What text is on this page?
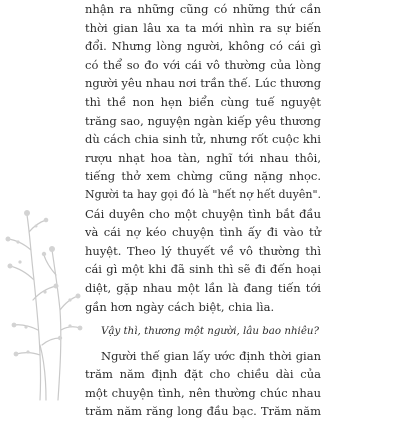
nhận ra những cũng có những thứ cần
thời gian lâu xa ta mới nhìn ra sự biến
đổi. Nhưng lòng người, không có cái gì
có thể so đo với cái vô thường của lòng
người yêu nhau nơi trần thế. Lúc thương
thì thề non hẹn biển cùng tuế nguyệt
trăng sao, nguyện ngàn kiếp yêu thương
dù cách chia sinh tử, nhưng rốt cuộc khi
rượu nhạt hoa tàn, nghĩ tới nhau thôi,
tiếng thở xem chừng cũng nặng nhọc.
Người ta hay gọi đó là "hết nợ hết duyên".
Cái duyên cho một chuyện tình bắt đầu
và cái nợ kéo chuyện tình ấy đi vào tử
huyệt. Theo lý thuyết về vô thường thì
cái gì một khi đã sinh thì sẽ đi đến hoại
diệt, gặp nhau một lần là đang tiến tới
gần hơn ngày cách biệt, chia lìa.
Vậy thì, thương một người, lâu bao nhiêu?
Người thế gian lấy ước định thời gian
trăm năm định đặt cho chiều dài của
một chuyện tình, nên thường chúc nhau
trăm năm răng long đầu bạc. Trăm năm
